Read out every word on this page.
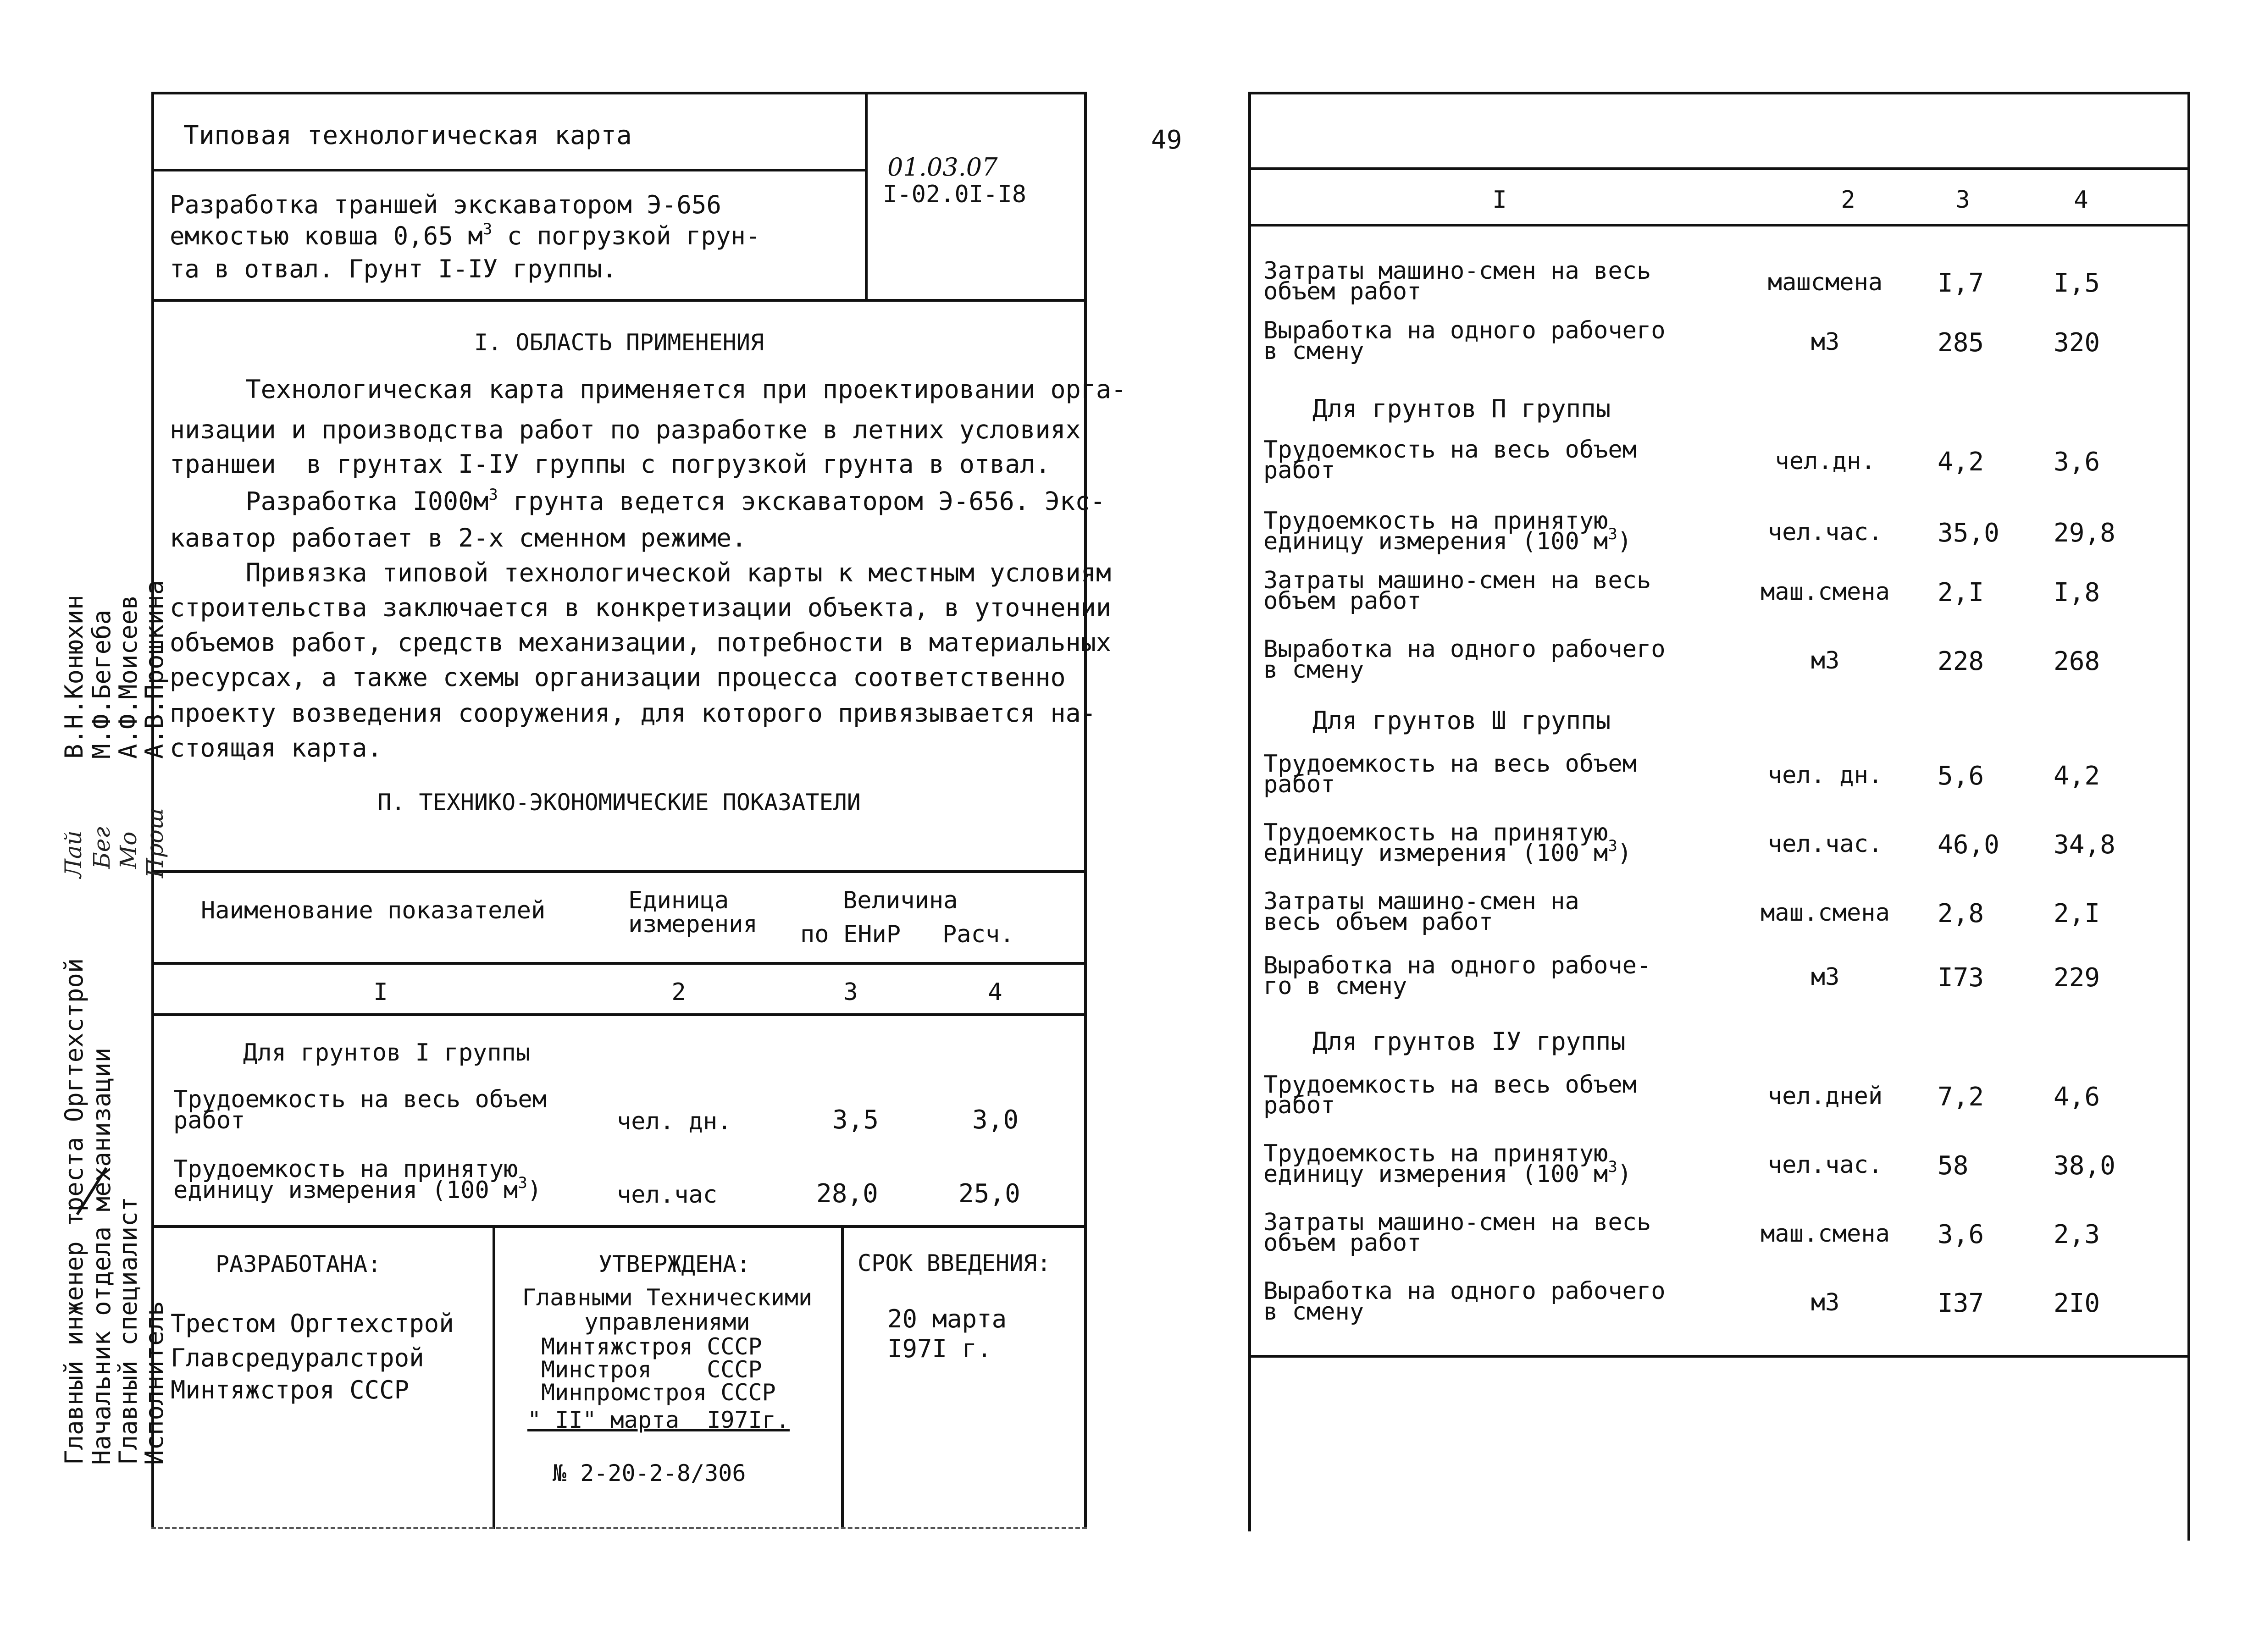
49
Типовая технологическая карта
01.03.07
I-02.0I-I8
Разработка траншей экскаватором Э-656
емкостью ковша 0,65 $м^3$ с погрузкой грун-
та в отвал. Грунт I-IУ группы.
I. ОБЛАСТЬ ПРИМЕНЕНИЯ
Технологическая карта применяется при проектировании орга-
низации и производства работ по разработке в летних условиях
траншеи  в грунтах I-IУ группы с погрузкой грунта в отвал.
Разработка $I000м^3$ грунта ведется экскаватором Э-656. Экс-
каватор работает в 2-х сменном режиме.
Привязка типовой технологической карты к местным условиям
строительства заключается в конкретизации объекта, в уточнении
объемов работ, средств механизации, потребности в материальных
ресурсах, а также схемы организации процесса соответственно
проекту возведения сооружения, для которого привязывается на-
стоящая карта.
П. ТЕХНИКО-ЭКОНОМИЧЕСКИЕ ПОКАЗАТЕЛИ
Наименование показателей	Единица
измерения
Величина
по ЕНиР Расч.
I	2	3	4
Для грунтов I группы
Трудоемкость на весь объем
работ	чел. дн.	3,5	3,0
Трудоемкость на принятую
единицу измерения (100 $м^3$)	чел.час	28,0	25,0
РАЗРАБОТАНА:
Трестом Оргтехстрой
Главсредуралстрой
Минтяжстроя СССР
УТВЕРЖДЕНА:
Главными Техническими
управлениями
Минтяжстроя СССР
Минстроя    СССР
Минпромстроя СССР
" II" марта  I97Iг.
№ 2-20-2-8/306
СРОК ВВЕДЕНИЯ:
20 марта
I97I г.
Главный инженер треста Оргтехстрой
Начальник отдела механизации
Главный специалист
Исполнитель
Лай Бег Мо Прош
В.Н.Конюхин
М.Ф.Бегеба
А.Ф.Моисеев
А.В.Прошкина
I	2	3	4
Затраты машино-смен на весь
объем работ	машсмена	I,7	I,5
Выработка на одного рабочего
в смену	м3	285	320
Для грунтов П группы
Трудоемкость на весь объем
работ	чел.дн.	4,2	3,6
Трудоемкость на принятую
единицу измерения (100 $м^3$)	чел.час.	35,0 29,8
Затраты машино-смен на весь
объем работ	маш.смена	2,I	I,8
Выработка на одного рабочего
в смену	м3	228	268
Для грунтов Ш группы
Трудоемкость на весь объем
работ	чел. дн.	5,6	4,2
Трудоемкость на принятую
единицу измерения (100 $м^3$)	чел.час.	46,0 34,8
Затраты машино-смен на
весь объем работ	маш.смена	2,8	2,I
Выработка на одного рабоче-
го в смену	м3	I73	229
Для грунтов IУ группы
Трудоемкость на весь объем
работ	чел.дней	7,2	4,6
Трудоемкость на принятую
единицу измерения (100 $м^3$)	чел.час.	58	38,0
Затраты машино-смен на весь
объем работ	маш.смена	3,6	2,3
Выработка на одного рабочего
в смену	м3	I37	2I0
